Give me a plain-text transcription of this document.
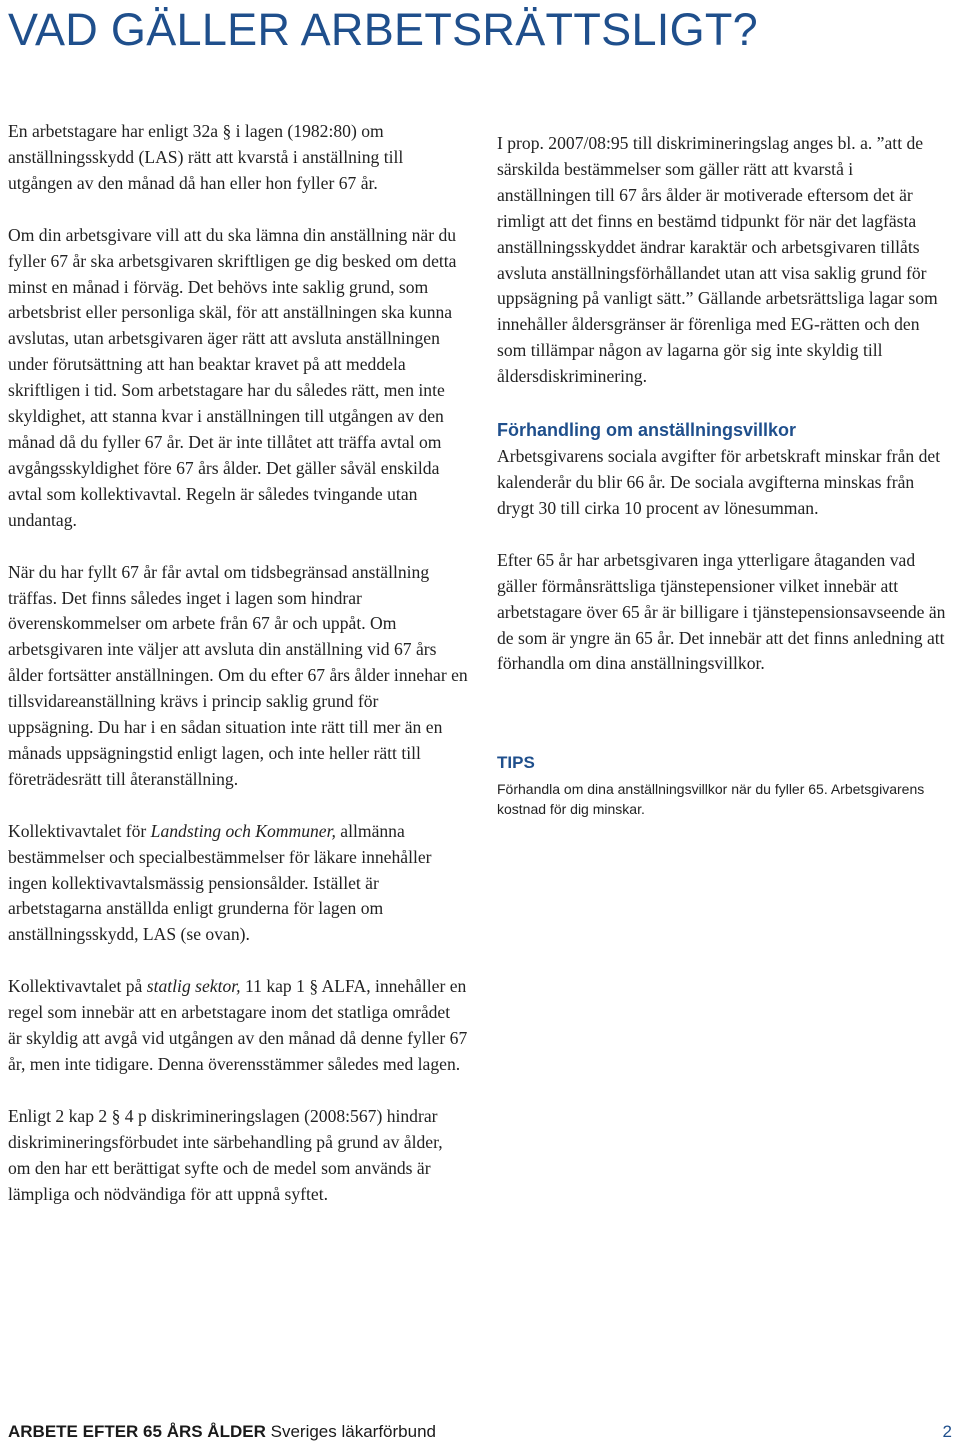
VAD GÄLLER ARBETSRÄTTSLIGT?

En arbetstagare har enligt 32a § i lagen (1982:80) om anställningsskydd (LAS) rätt att kvarstå i anställning till utgången av den månad då han eller hon fyller 67 år.

Om din arbetsgivare vill att du ska lämna din anställning när du fyller 67 år ska arbetsgivaren skriftligen ge dig besked om detta minst en månad i förväg. Det behövs inte saklig grund, som arbetsbrist eller personliga skäl, för att anställningen ska kunna avslutas, utan arbetsgivaren äger rätt att avsluta anställningen under förutsättning att han beaktar kravet på att meddela skriftligen i tid. Som arbetstagare har du således rätt, men inte skyldighet, att stanna kvar i anställningen till utgången av den månad då du fyller 67 år. Det är inte tillåtet att träffa avtal om avgångsskyldighet före 67 års ålder. Det gäller såväl enskilda avtal som kollektivavtal. Regeln är således tvingande utan undantag.

När du har fyllt 67 år får avtal om tidsbegränsad anställning träffas. Det finns således inget i lagen som hindrar överenskommelser om arbete från 67 år och uppåt. Om arbetsgivaren inte väljer att avsluta din anställning vid 67 års ålder fortsätter anställningen. Om du efter 67 års ålder innehar en tillsvidareanställning krävs i princip saklig grund för uppsägning. Du har i en sådan situation inte rätt till mer än en månads uppsägningstid enligt lagen, och inte heller rätt till företrädesrätt till återanställning.

Kollektivavtalet för Landsting och Kommuner, allmänna bestämmelser och specialbestämmelser för läkare innehåller ingen kollektivavtalsmässig pensionsålder. Istället är arbetstagarna anställda enligt grunderna för lagen om anställningsskydd, LAS (se ovan).

Kollektivavtalet på statlig sektor, 11 kap 1 § ALFA, innehåller en regel som innebär att en arbetstagare inom det statliga området är skyldig att avgå vid utgången av den månad då denne fyller 67 år, men inte tidigare. Denna överensstämmer således med lagen.

Enligt 2 kap 2 § 4 p diskrimineringslagen (2008:567) hindrar diskrimineringsförbudet inte särbehandling på grund av ålder, om den har ett berättigat syfte och de medel som används är lämpliga och nödvändiga för att uppnå syftet.

I prop. 2007/08:95 till diskrimineringslag anges bl. a. ”att de särskilda bestämmelser som gäller rätt att kvarstå i anställningen till 67 års ålder är motiverade eftersom det är rimligt att det finns en bestämd tidpunkt för när det lagfästa anställningsskyddet ändrar karaktär och arbetsgivaren tillåts avsluta anställningsförhållandet utan att visa saklig grund för uppsägning på vanligt sätt.” Gällande arbetsrättsliga lagar som innehåller åldersgränser är förenliga med EG-rätten och den som tillämpar någon av lagarna gör sig inte skyldig till åldersdiskriminering.

Förhandling om anställningsvillkor

Arbetsgivarens sociala avgifter för arbetskraft minskar från det kalenderår du blir 66 år. De sociala avgifterna minskas från drygt 30 till cirka 10 procent av lönesumman.

Efter 65 år har arbetsgivaren inga ytterligare åtaganden vad gäller förmånsrättsliga tjänstepensioner vilket innebär att arbetstagare över 65 år är billigare i tjänstepensionsavseende än de som är yngre än 65 år. Det innebär att det finns anledning att förhandla om dina anställningsvillkor.

TIPS

Förhandla om dina anställningsvillkor när du fyller 65. Arbetsgivarens kostnad för dig minskar.

ARBETE EFTER 65 ÅRS ÅLDER Sveriges läkarförbund	2
